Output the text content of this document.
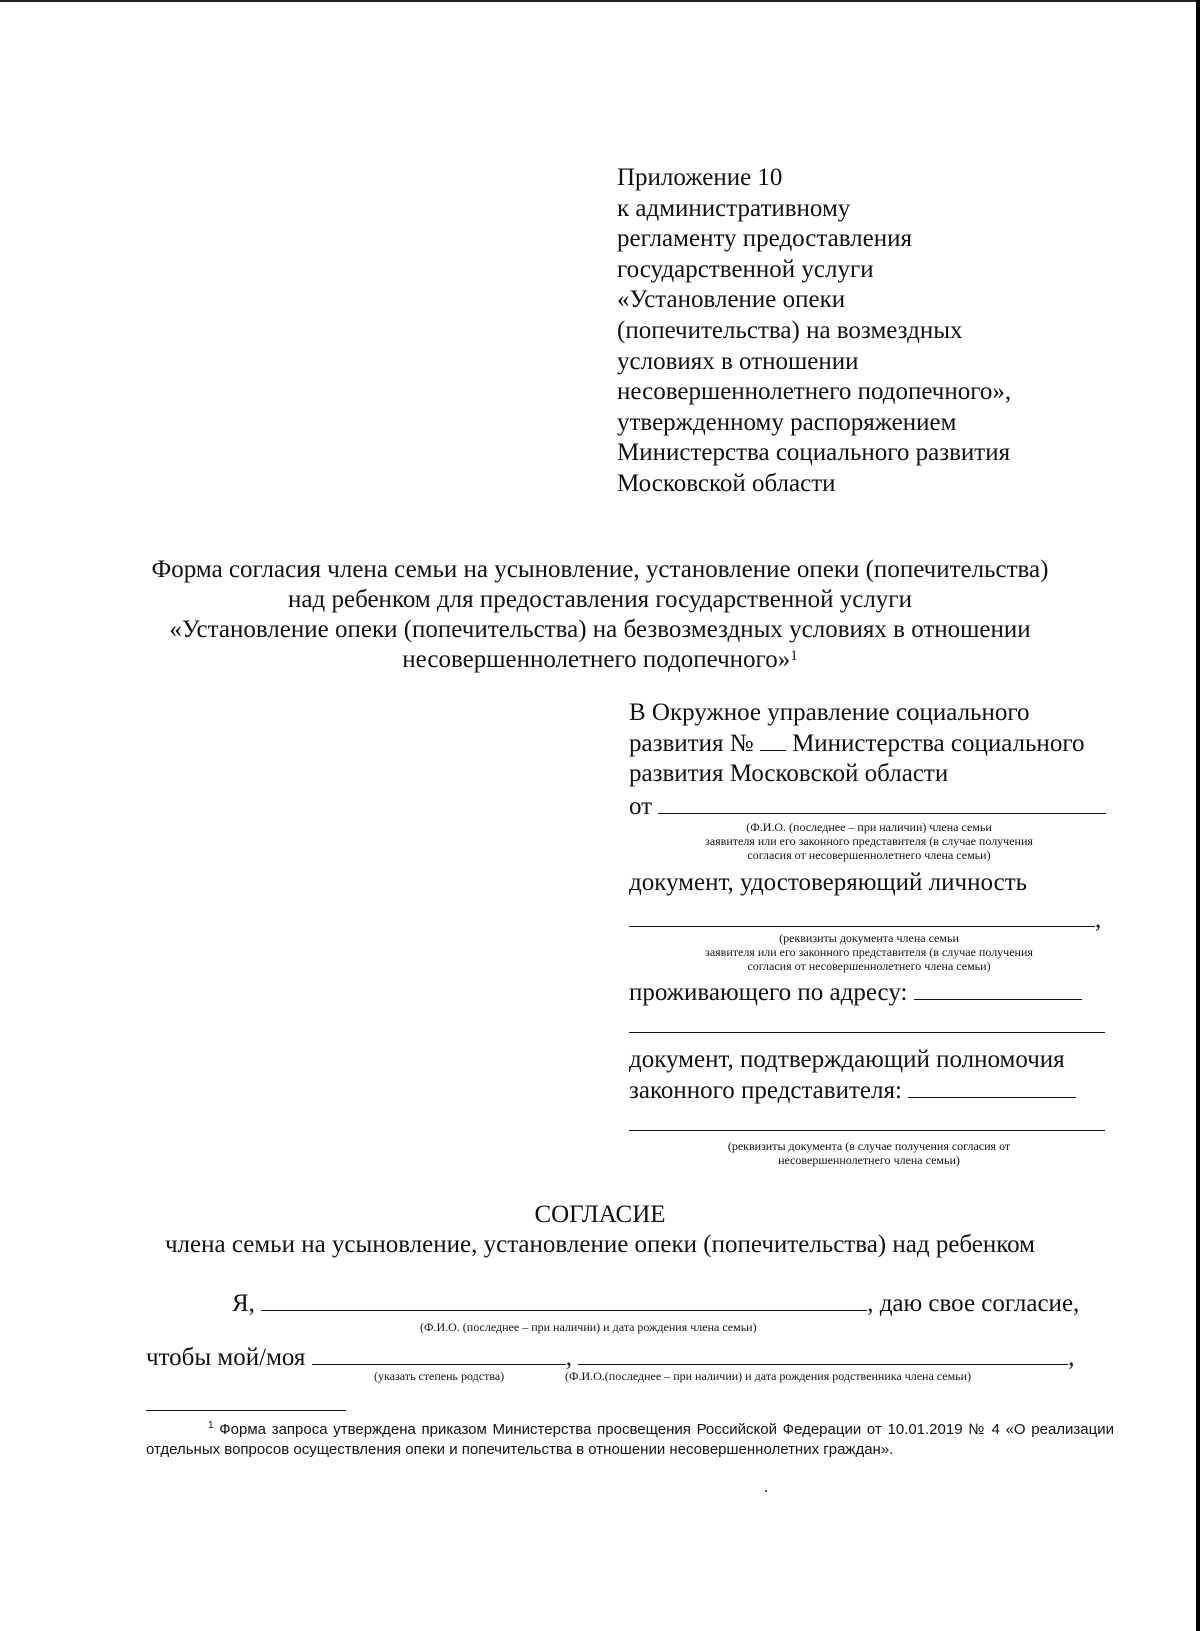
Приложение 10
к административному
регламенту предоставления
государственной услуги
«Установление опеки
(попечительства) на возмездных
условиях в отношении
несовершеннолетнего подопечного»,
утвержденному распоряжением
Министерства социального развития
Московской области
Форма согласия члена семьи на усыновление, установление опеки (попечительства)
над ребенком для предоставления государственной услуги
«Установление опеки (попечительства) на безвозмездных условиях в отношении
несовершеннолетнего подопечного»$^1$
В Окружное управление социального
развития № Министерства социального
развития Московской области
от
(Ф.И.О. (последнее – при наличии) члена семьи
заявителя или его законного представителя (в случае получения
согласия от несовершеннолетнего члена семьи)
документ, удостоверяющий личность
,
(реквизиты документа члена семьи
заявителя или его законного представителя (в случае получения
согласия от несовершеннолетнего члена семьи)
проживающего по адресу:
документ, подтверждающий полномочия
законного представителя:
(реквизиты документа (в случае получения согласия от
несовершеннолетнего члена семьи)
СОГЛАСИЕ
члена семьи на усыновление, установление опеки (попечительства) над ребенком
Я,	, даю свое согласие,
(Ф.И.О. (последнее – при наличии) и дата рождения члена семьи)
чтобы мой/моя	,	,
(указать степень родства)	(Ф.И.О.(последнее – при наличии) и дата рождения родственника члена семьи)
$^1$ Форма запроса утверждена приказом Министерства просвещения Российской Федерации от 10.01.2019 № 4 «О реализации отдельных вопросов осуществления опеки и попечительства в отношении несовершеннолетних граждан».
